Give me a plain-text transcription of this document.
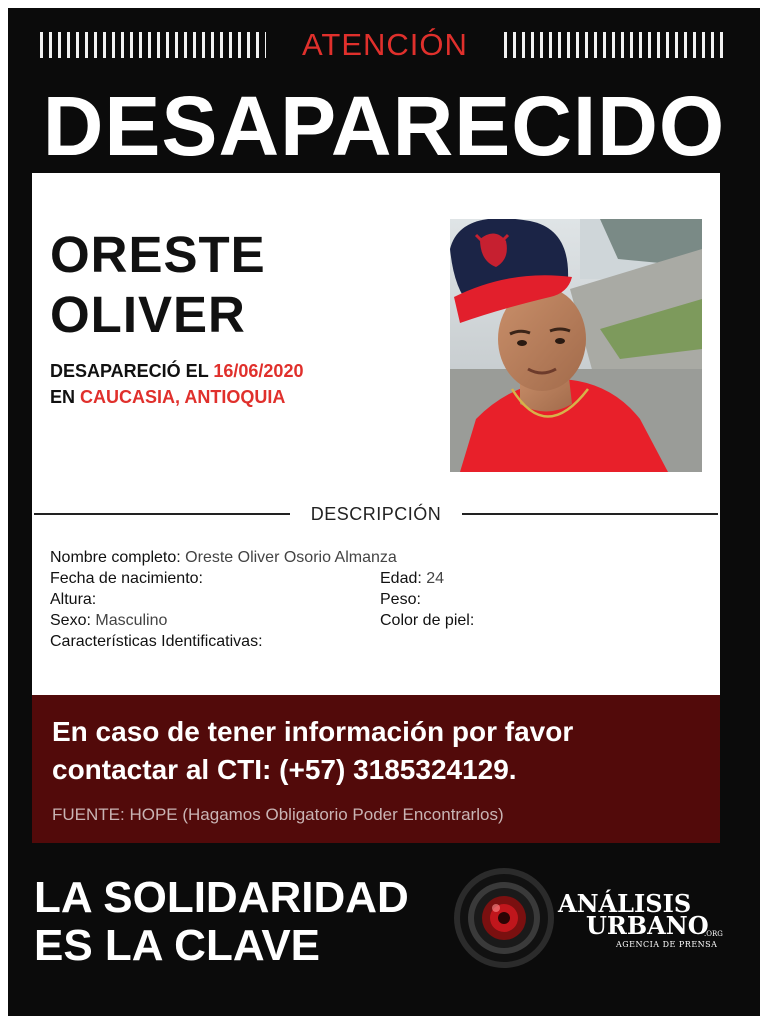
ATENCIÓN
DESAPARECIDO
ORESTE
OLIVER
DESAPARECIÓ EL 16/06/2020
EN CAUCASIA, ANTIOQUIA
DESCRIPCIÓN
Nombre completo: Oreste Oliver Osorio Almanza
Fecha de nacimiento:	Edad: 24
Altura:	Peso:
Sexo: Masculino	Color de piel:
Características Identificativas:
En caso de tener información por favor
contactar al CTI: (+57) 3185324129.
FUENTE: HOPE (Hagamos Obligatorio Poder Encontrarlos)
LA SOLIDARIDAD
ES LA CLAVE
ANÁLISIS
URBANO
.ORG
AGENCIA DE PRENSA
